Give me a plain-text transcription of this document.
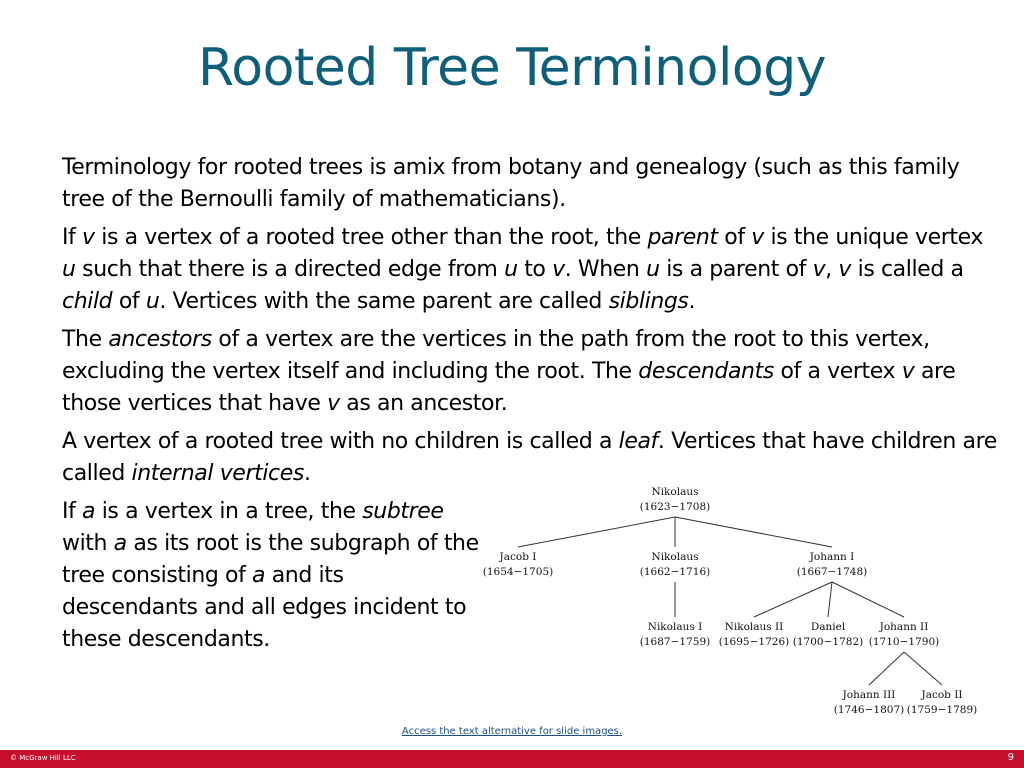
Rooted Tree Terminology

Terminology for rooted trees is amix from botany and genealogy (such as this family tree of the Bernoulli family of mathematicians).

If v is a vertex of a rooted tree other than the root, the parent of v is the unique vertex u such that there is a directed edge from u to v. When u is a parent of v, v is called a child of u. Vertices with the same parent are called siblings.

The ancestors of a vertex are the vertices in the path from the root to this vertex, excluding the vertex itself and including the root. The descendants of a vertex v are those vertices that have v as an ancestor.

A vertex of a rooted tree with no children is called a leaf. Vertices that have children are called internal vertices.

If a is a vertex in a tree, the subtree with a as its root is the subgraph of the tree consisting of a and its descendants and all edges incident to these descendants.

Nikolaus
(1623−1708)
Jacob I
(1654−1705)
Nikolaus
(1662−1716)
Johann I
(1667−1748)
Nikolaus I
(1687−1759)
Nikolaus II
(1695−1726)
Daniel
(1700−1782)
Johann II
(1710−1790)
Johann III
(1746−1807)
Jacob II
(1759−1789)
Access the text alternative for slide images.
© McGraw Hill LLC	9
